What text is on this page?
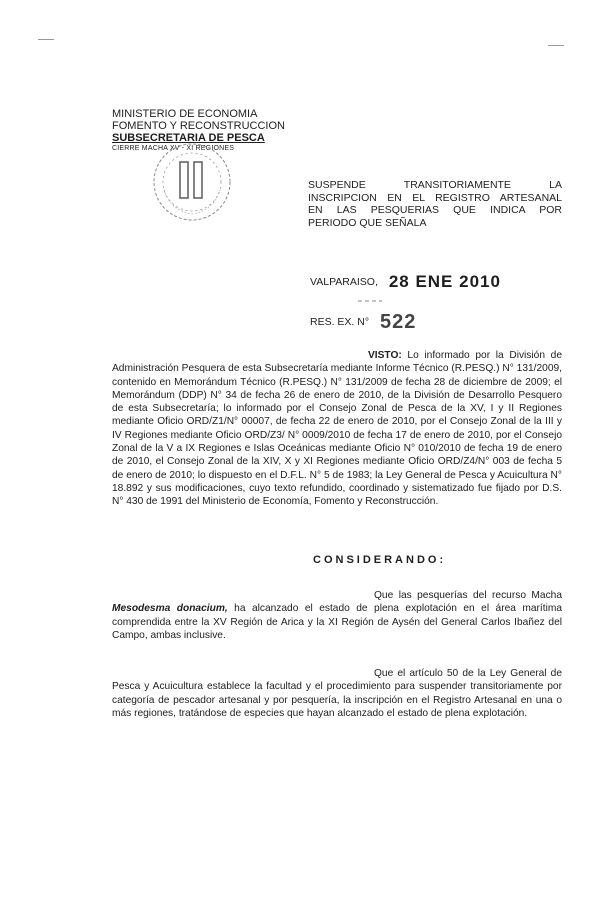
MINISTERIO DE ECONOMIA
FOMENTO Y RECONSTRUCCION
SUBSECRETARIA DE PESCA
CIERRE MACHA XV - XI REGIONES
SUSPENDE TRANSITORIAMENTE LA
INSCRIPCION EN EL REGISTRO ARTESANAL
EN LAS PESQUERIAS QUE INDICA POR
PERIODO QUE SEÑALA
VALPARAISO, 28 ENE 2010
RES. EX. N° 522
VISTO: Lo informado por la División de Administración Pesquera de esta Subsecretaría mediante Informe Técnico (R.PESQ.) N° 131/2009, contenido en Memorándum Técnico (R.PESQ.) N° 131/2009 de fecha 28 de diciembre de 2009; el Memorándum (DDP) N° 34 de fecha 26 de enero de 2010, de la División de Desarrollo Pesquero de esta Subsecretaría; lo informado por el Consejo Zonal de Pesca de la XV, I y II Regiones mediante Oficio ORD/Z1/N° 00007, de fecha 22 de enero de 2010, por el Consejo Zonal de la III y IV Regiones mediante Oficio ORD/Z3/ N° 0009/2010 de fecha 17 de enero de 2010, por el Consejo Zonal de la V a IX Regiones e Islas Oceánicas mediante Oficio N° 010/2010 de fecha 19 de enero de 2010, el Consejo Zonal de la XIV, X y XI Regiones mediante Oficio ORD/Z4/N° 003 de fecha 5 de enero de 2010; lo dispuesto en el D.F.L. N° 5 de 1983; la Ley General de Pesca y Acuicultura N° 18.892 y sus modificaciones, cuyo texto refundido, coordinado y sistematizado fue fijado por D.S. N° 430 de 1991 del Ministerio de Economía, Fomento y Reconstrucción.
CONSIDERANDO:
Que las pesquerías del recurso Macha Mesodesma donacium, ha alcanzado el estado de plena explotación en el área marítima comprendida entre la XV Región de Arica y la XI Región de Aysén del General Carlos Ibañez del Campo, ambas inclusive.
Que el artículo 50 de la Ley General de Pesca y Acuicultura establece la facultad y el procedimiento para suspender transitoriamente por categoría de pescador artesanal y por pesquería, la inscripción en el Registro Artesanal en una o más regiones, tratándose de especies que hayan alcanzado el estado de plena explotación.
